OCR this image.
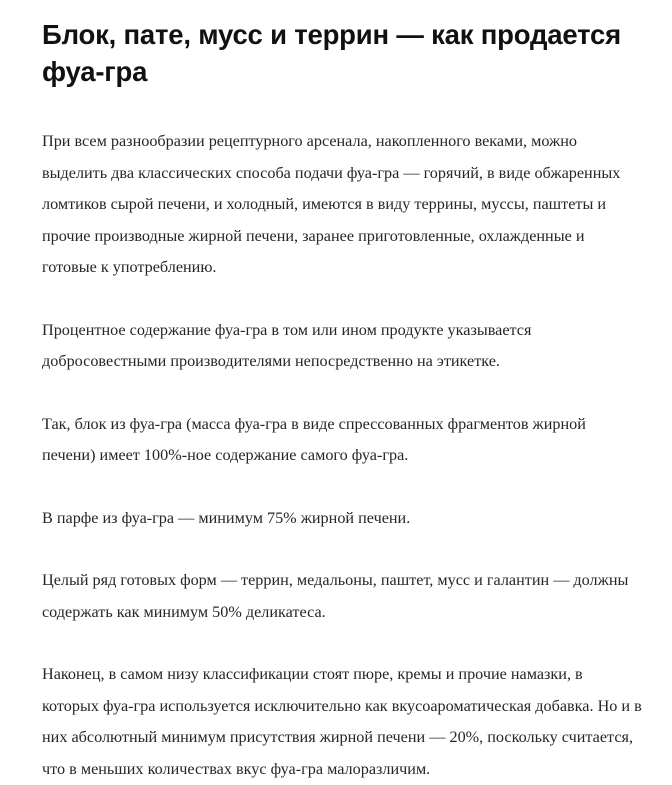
Блок, пате, мусс и террин — как продается фуа-гра

При всем разнообразии рецептурного арсенала, накопленного веками, можно выделить два классических способа подачи фуа-гра — горячий, в виде обжаренных ломтиков сырой печени, и холодный, имеются в виду террины, муссы, паштеты и прочие производные жирной печени, заранее приготовленные, охлажденные и готовые к употреблению.

Процентное содержание фуа-гра в том или ином продукте указывается добросовестными производителями непосредственно на этикетке.

Так, блок из фуа-гра (масса фуа-гра в виде спрессованных фрагментов жирной печени) имеет 100%-ное содержание самого фуа-гра.

В парфе из фуа-гра — минимум 75% жирной печени.

Целый ряд готовых форм — террин, медальоны, паштет, мусс и галантин — должны содержать как минимум 50% деликатеса.

Наконец, в самом низу классификации стоят пюре, кремы и прочие намазки, в которых фуа-гра используется исключительно как вкусоароматическая добавка. Но и в них абсолютный минимум присутствия жирной печени — 20%, поскольку считается, что в меньших количествах вкус фуа-гра малоразличим.
